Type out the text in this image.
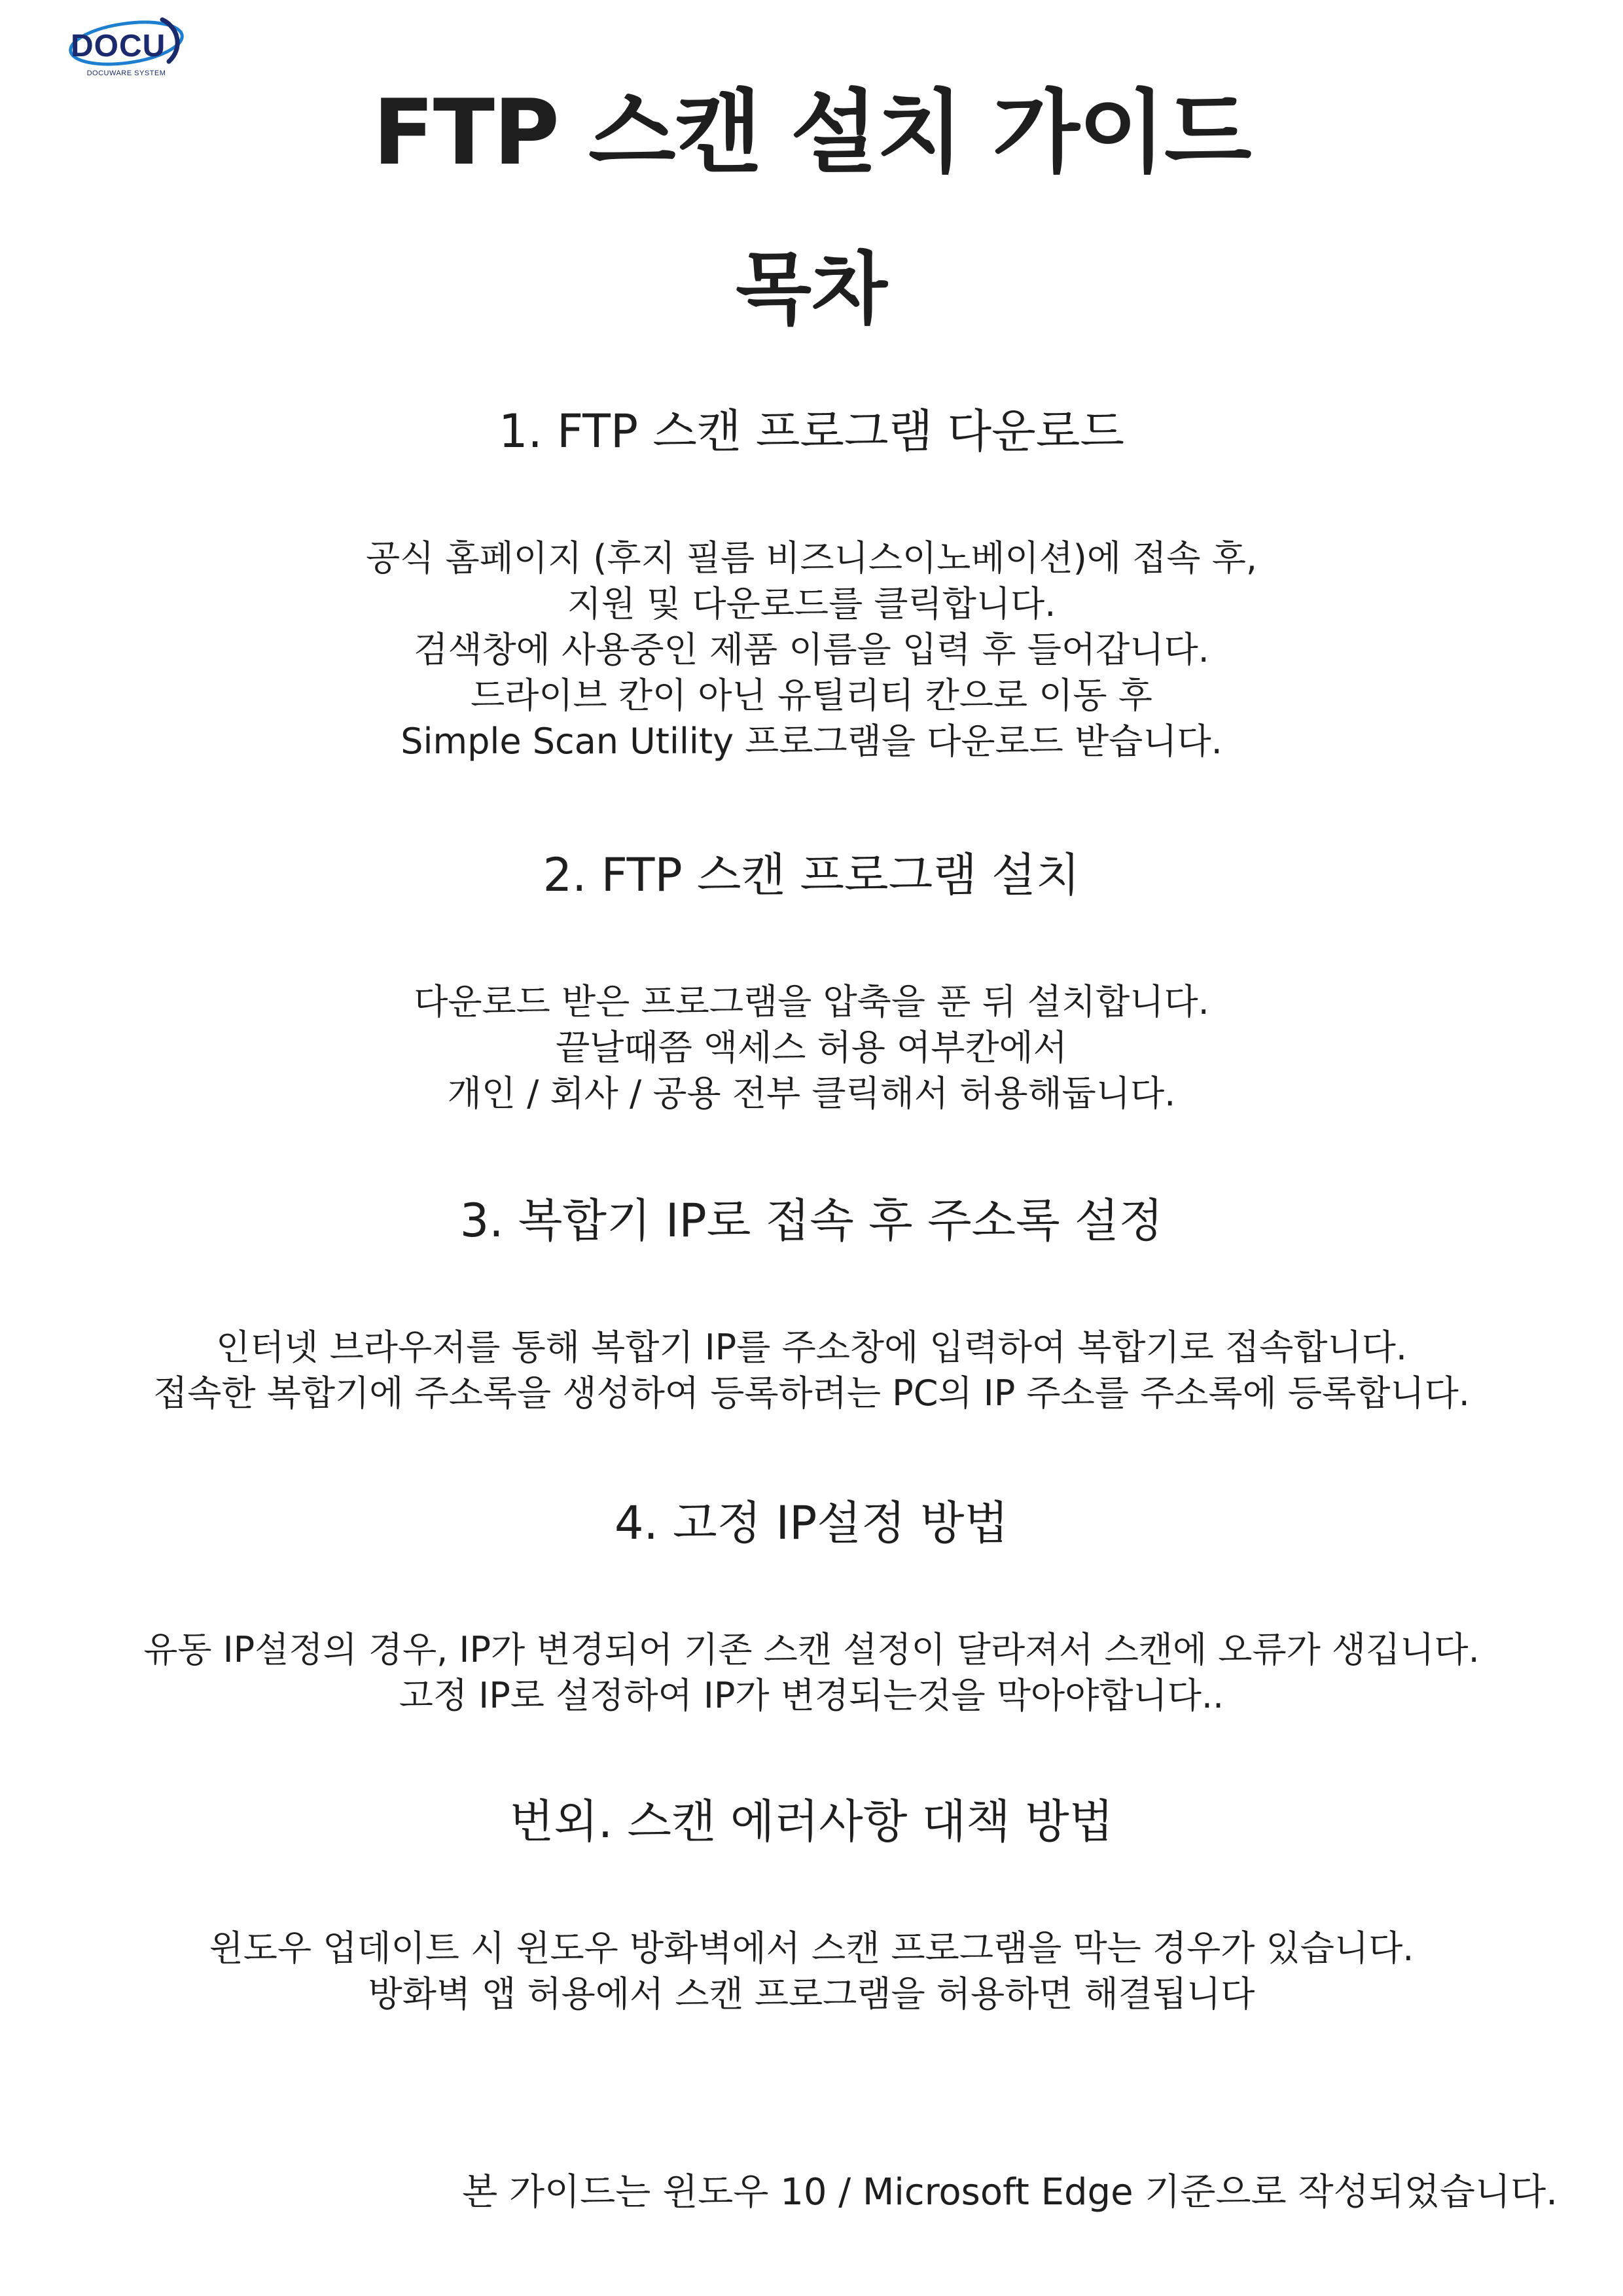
DOCU
DOCUWARE SYSTEM
FTP 스캔 설치 가이드
목차
1. FTP 스캔 프로그램 다운로드
공식 홈페이지 (후지 필름 비즈니스이노베이션)에 접속 후,
지원 및 다운로드를 클릭합니다.
검색창에 사용중인 제품 이름을 입력 후 들어갑니다.
드라이브 칸이 아닌 유틸리티 칸으로 이동 후
Simple Scan Utility 프로그램을 다운로드 받습니다.
2. FTP 스캔 프로그램 설치
다운로드 받은 프로그램을 압축을 푼 뒤 설치합니다.
끝날때쯤 액세스 허용 여부칸에서
개인 / 회사 / 공용 전부 클릭해서 허용해둡니다.
3. 복합기 IP로 접속 후 주소록 설정
인터넷 브라우저를 통해 복합기 IP를 주소창에 입력하여 복합기로 접속합니다.
접속한 복합기에 주소록을 생성하여 등록하려는 PC의 IP 주소를 주소록에 등록합니다.
4. 고정 IP설정 방법
유동 IP설정의 경우, IP가 변경되어 기존 스캔 설정이 달라져서 스캔에 오류가 생깁니다.
고정 IP로 설정하여 IP가 변경되는것을 막아야합니다..
번외. 스캔 에러사항 대책 방법
윈도우 업데이트 시 윈도우 방화벽에서 스캔 프로그램을 막는 경우가 있습니다.
방화벽 앱 허용에서 스캔 프로그램을 허용하면 해결됩니다
본 가이드는 윈도우 10 / Microsoft Edge 기준으로 작성되었습니다.
